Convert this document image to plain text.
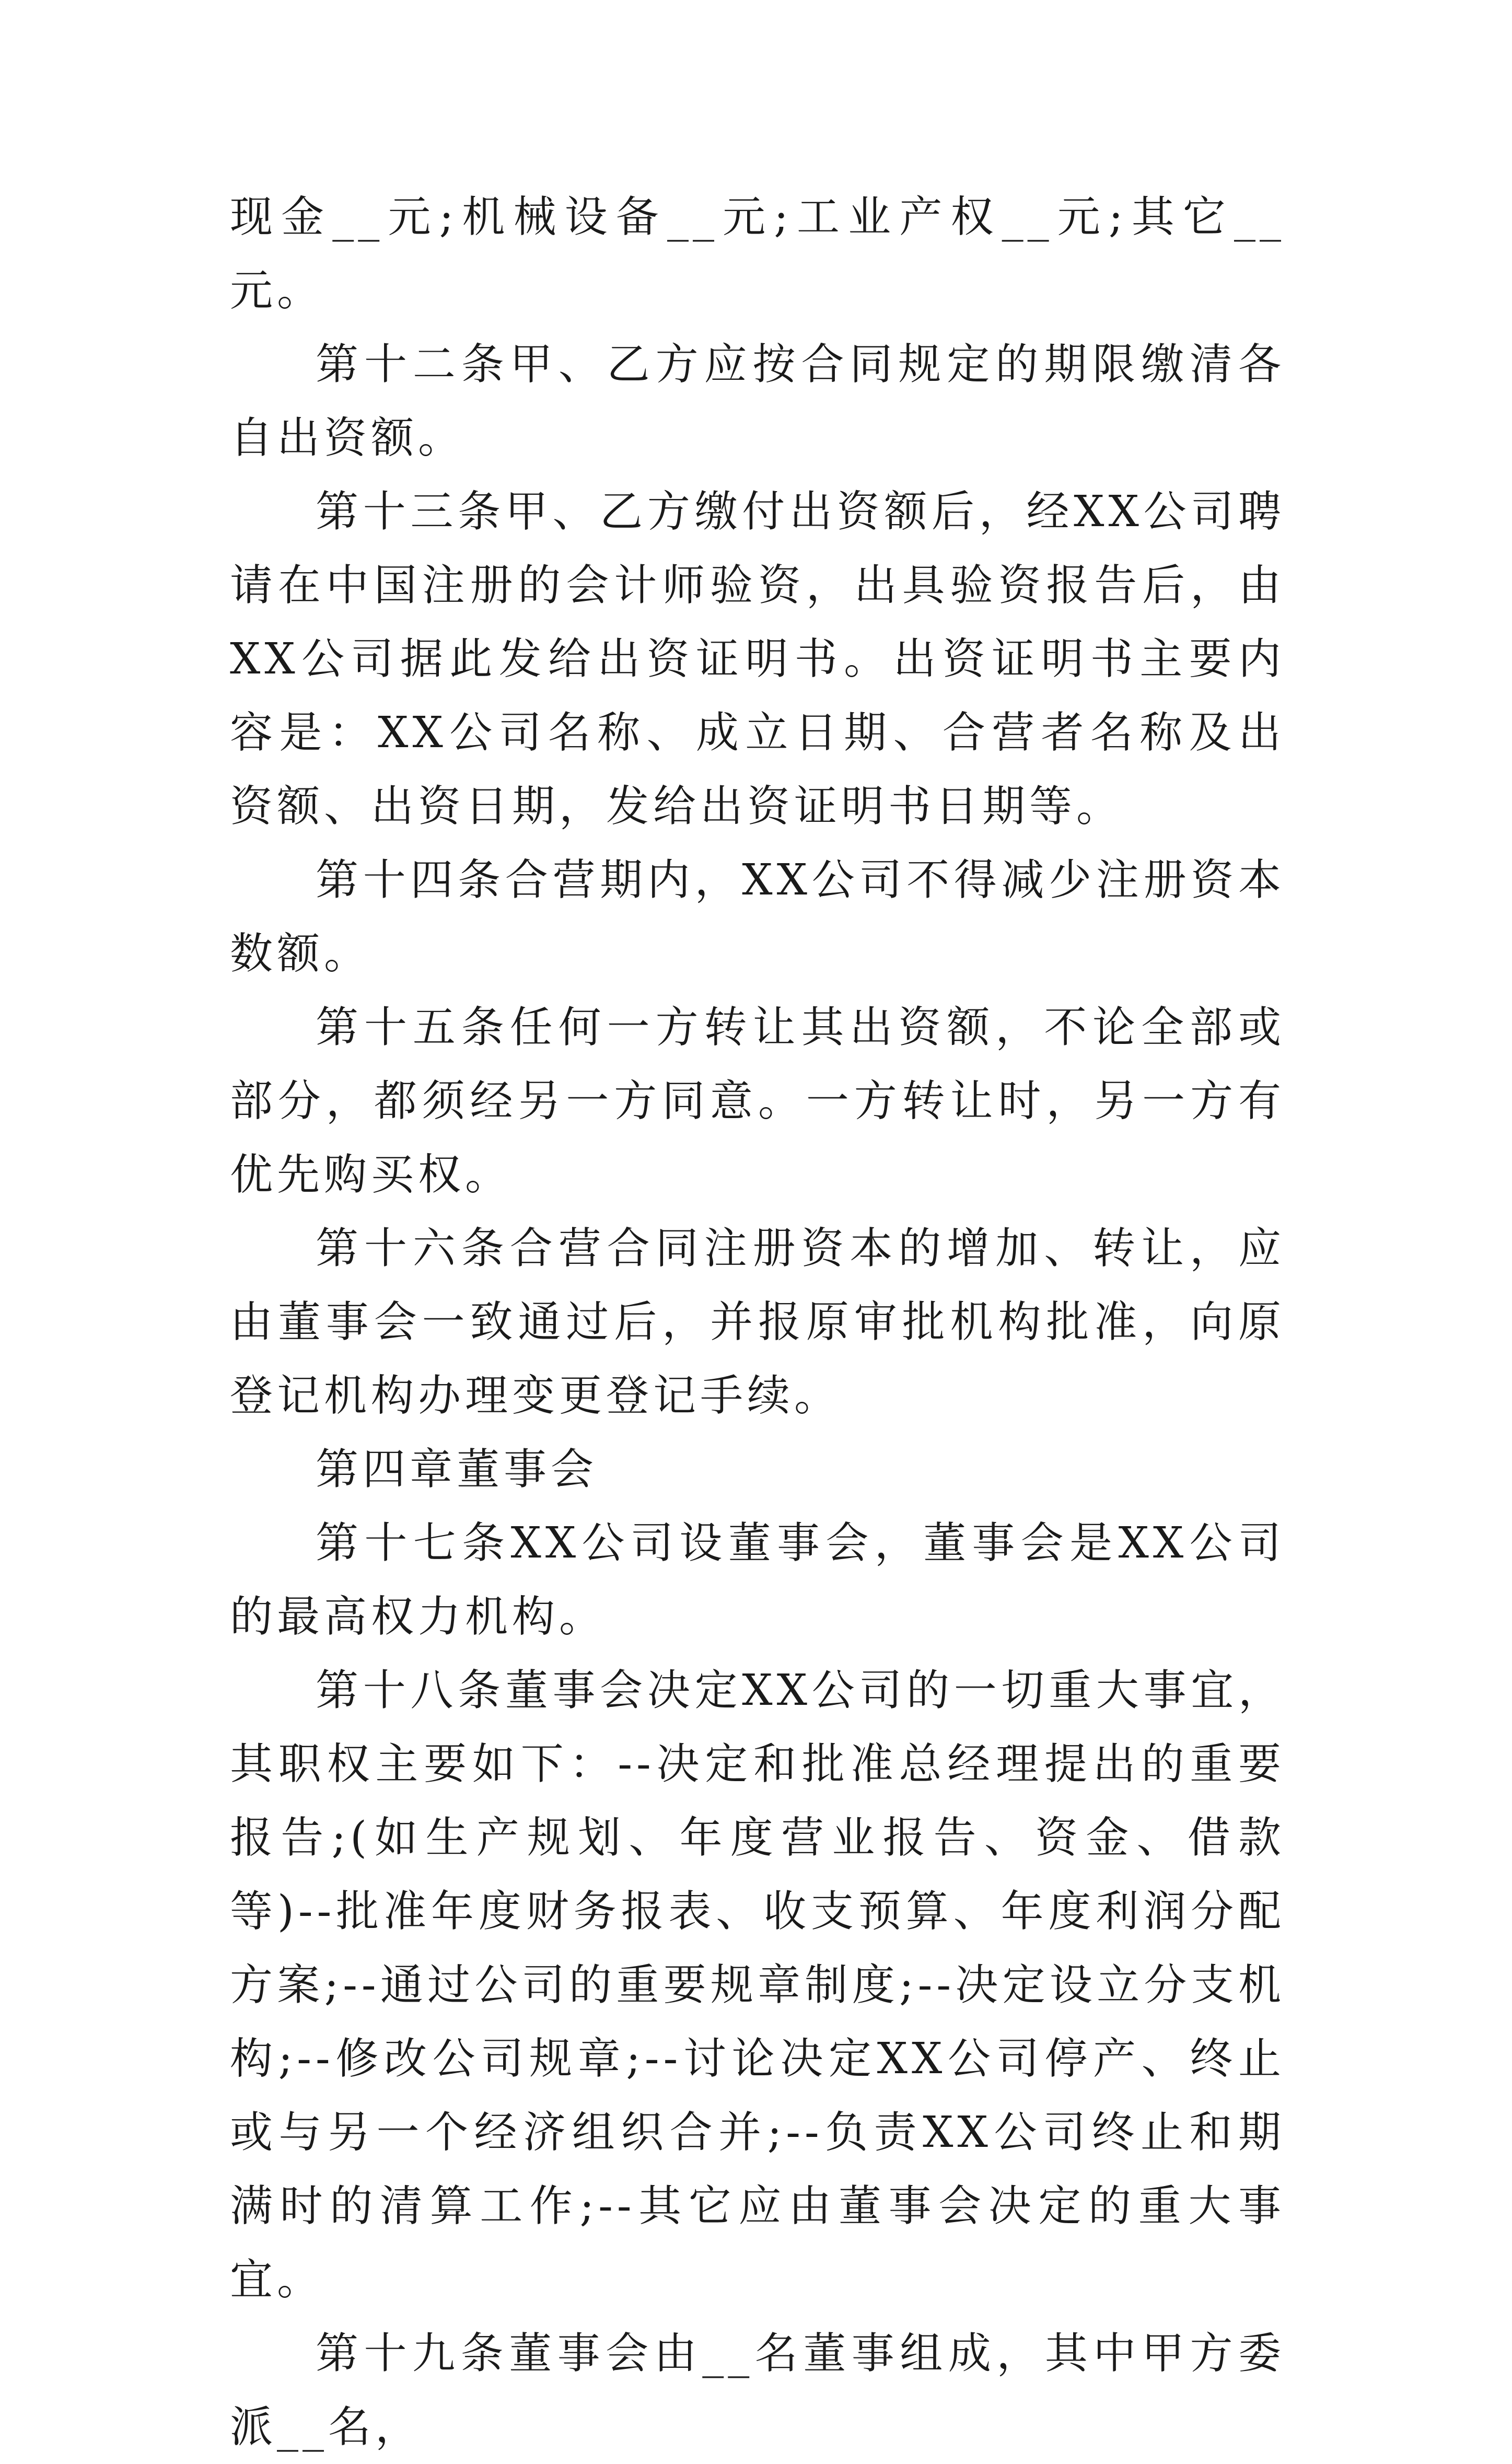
现金__元;机械设备__元;工业产权__元;其它__元。

第十二条甲、乙方应按合同规定的期限缴清各自出资额。

第十三条甲、乙方缴付出资额后，经XX公司聘请在中国注册的会计师验资，出具验资报告后，由XX公司据此发给出资证明书。出资证明书主要内容是：XX公司名称、成立日期、合营者名称及出资额、出资日期，发给出资证明书日期等。

第十四条合营期内，XX公司不得减少注册资本数额。

第十五条任何一方转让其出资额，不论全部或部分，都须经另一方同意。一方转让时，另一方有优先购买权。

第十六条合营合同注册资本的增加、转让，应由董事会一致通过后，并报原审批机构批准，向原登记机构办理变更登记手续。

第四章董事会

第十七条XX公司设董事会，董事会是XX公司的最高权力机构。

第十八条董事会决定XX公司的一切重大事宜，其职权主要如下：--决定和批准总经理提出的重要报告;(如生产规划、年度营业报告、资金、借款等)--批准年度财务报表、收支预算、年度利润分配方案;--通过公司的重要规章制度;--决定设立分支机构;--修改公司规章;--讨论决定XX公司停产、终止或与另一个经济组织合并;--负责XX公司终止和期满时的清算工作;--其它应由董事会决定的重大事宜。

第十九条董事会由__名董事组成，其中甲方委派__名，
